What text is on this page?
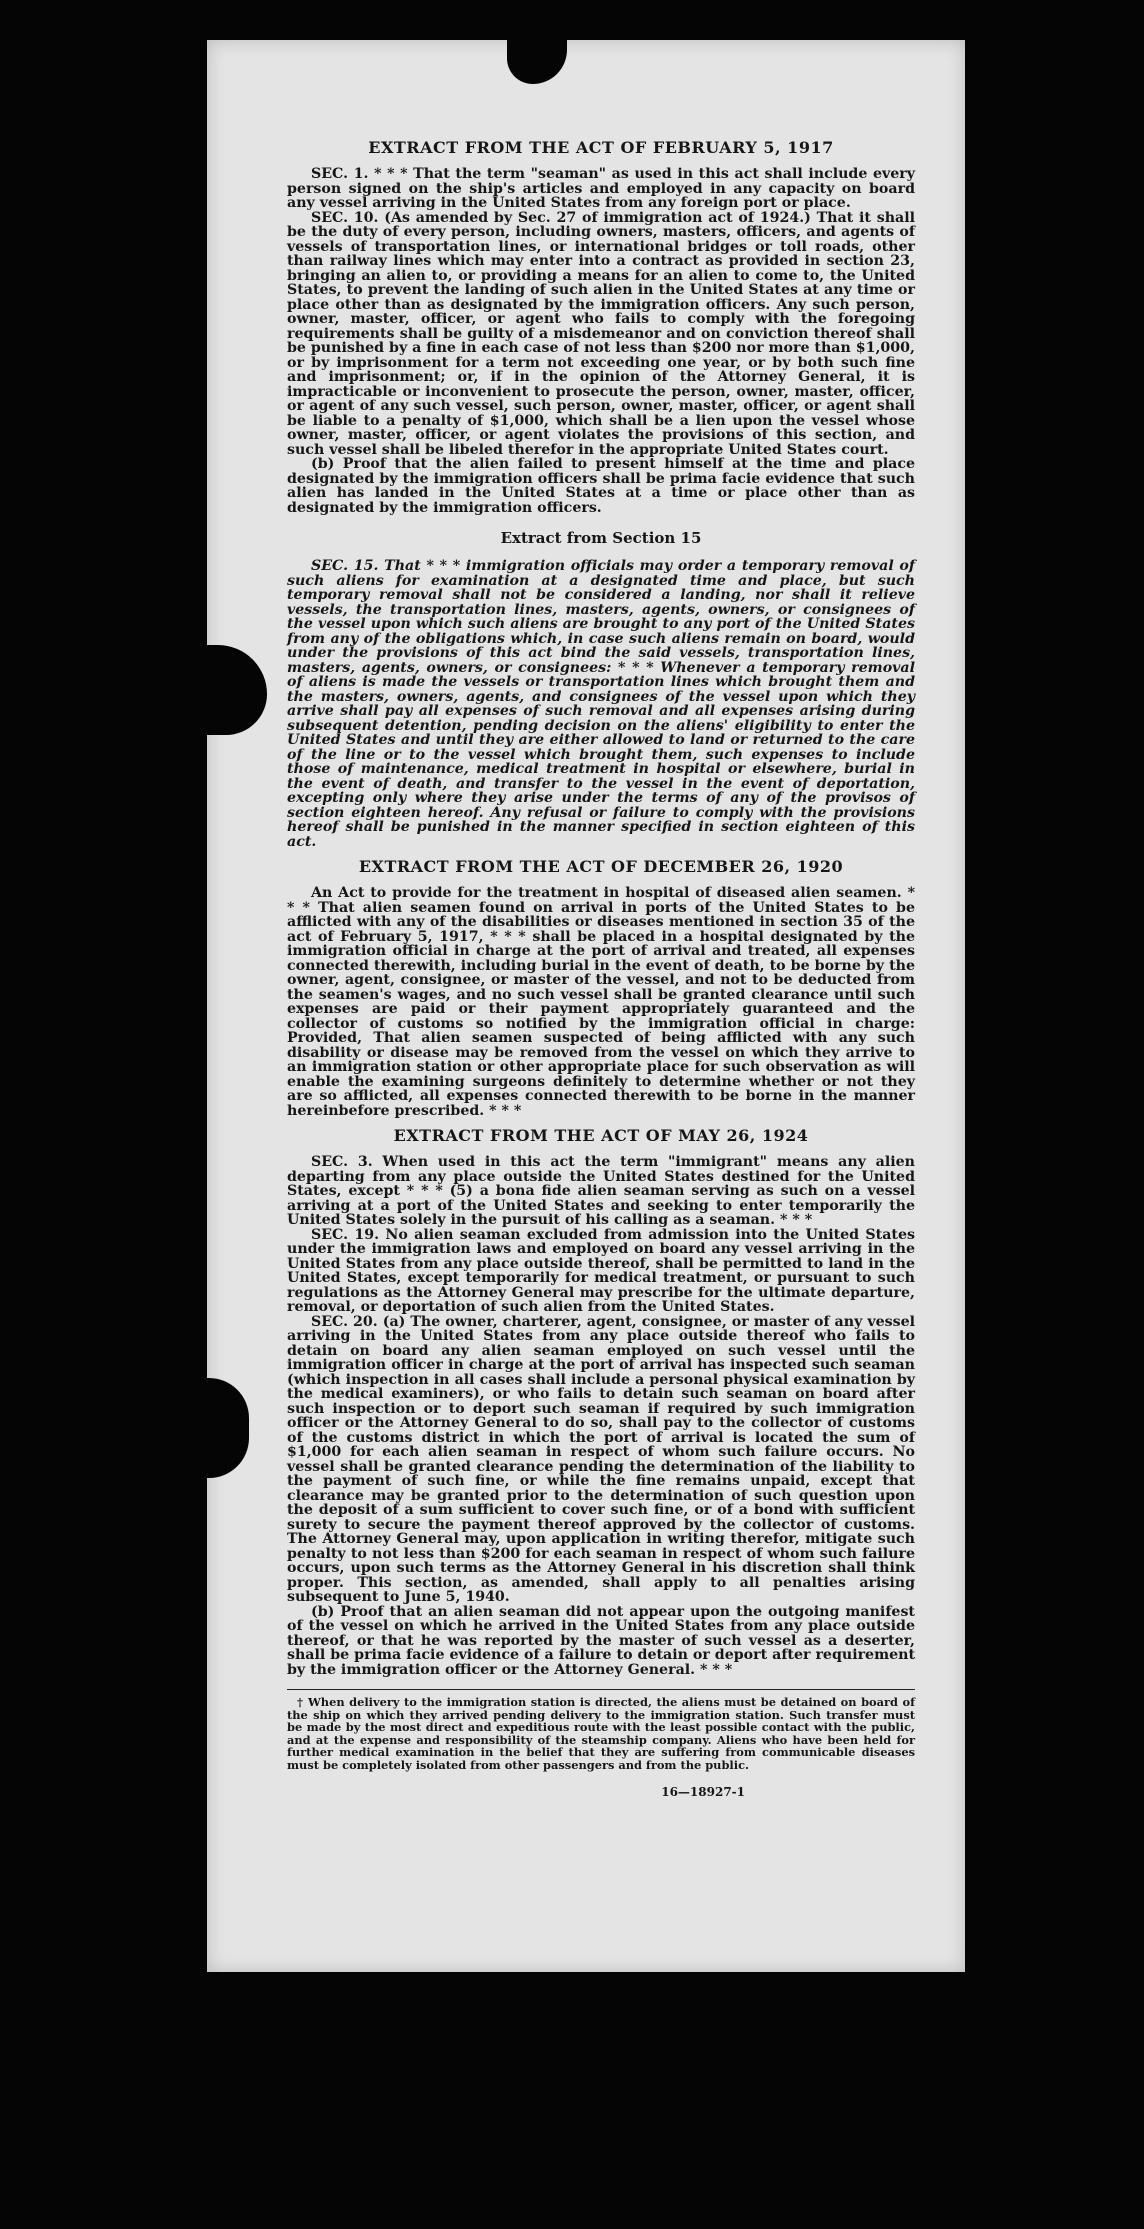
EXTRACT FROM THE ACT OF FEBRUARY 5, 1917

SEC. 1. * * * That the term "seaman" as used in this act shall include every person signed on the ship's articles and employed in any capacity on board any vessel arriving in the United States from any foreign port or place.

SEC. 10. (As amended by Sec. 27 of immigration act of 1924.) That it shall be the duty of every person, including owners, masters, officers, and agents of vessels of transportation lines, or international bridges or toll roads, other than railway lines which may enter into a contract as provided in section 23, bringing an alien to, or providing a means for an alien to come to, the United States, to prevent the landing of such alien in the United States at any time or place other than as designated by the immigration officers. Any such person, owner, master, officer, or agent who fails to comply with the foregoing requirements shall be guilty of a misdemeanor and on conviction thereof shall be punished by a fine in each case of not less than $200 nor more than $1,000, or by imprisonment for a term not exceeding one year, or by both such fine and imprisonment; or, if in the opinion of the Attorney General, it is impracticable or inconvenient to prosecute the person, owner, master, officer, or agent of any such vessel, such person, owner, master, officer, or agent shall be liable to a penalty of $1,000, which shall be a lien upon the vessel whose owner, master, officer, or agent violates the provisions of this section, and such vessel shall be libeled therefor in the appropriate United States court.

(b) Proof that the alien failed to present himself at the time and place designated by the immigration officers shall be prima facie evidence that such alien has landed in the United States at a time or place other than as designated by the immigration officers.

Extract from Section 15

SEC. 15. That * * * immigration officials may order a temporary removal of such aliens for examination at a designated time and place, but such temporary removal shall not be considered a landing, nor shall it relieve vessels, the transportation lines, masters, agents, owners, or consignees of the vessel upon which such aliens are brought to any port of the United States from any of the obligations which, in case such aliens remain on board, would under the provisions of this act bind the said vessels, transportation lines, masters, agents, owners, or consignees: * * * Whenever a temporary removal of aliens is made the vessels or transportation lines which brought them and the masters, owners, agents, and consignees of the vessel upon which they arrive shall pay all expenses of such removal and all expenses arising during subsequent detention, pending decision on the aliens' eligibility to enter the United States and until they are either allowed to land or returned to the care of the line or to the vessel which brought them, such expenses to include those of maintenance, medical treatment in hospital or elsewhere, burial in the event of death, and transfer to the vessel in the event of deportation, excepting only where they arise under the terms of any of the provisos of section eighteen hereof. Any refusal or failure to comply with the provisions hereof shall be punished in the manner specified in section eighteen of this act.

EXTRACT FROM THE ACT OF DECEMBER 26, 1920

An Act to provide for the treatment in hospital of diseased alien seamen. * * * That alien seamen found on arrival in ports of the United States to be afflicted with any of the disabilities or diseases mentioned in section 35 of the act of February 5, 1917, * * * shall be placed in a hospital designated by the immigration official in charge at the port of arrival and treated, all expenses connected therewith, including burial in the event of death, to be borne by the owner, agent, consignee, or master of the vessel, and not to be deducted from the seamen's wages, and no such vessel shall be granted clearance until such expenses are paid or their payment appropriately guaranteed and the collector of customs so notified by the immigration official in charge: Provided, That alien seamen suspected of being afflicted with any such disability or disease may be removed from the vessel on which they arrive to an immigration station or other appropriate place for such observation as will enable the examining surgeons definitely to determine whether or not they are so afflicted, all expenses connected therewith to be borne in the manner hereinbefore prescribed. * * *

EXTRACT FROM THE ACT OF MAY 26, 1924

SEC. 3. When used in this act the term "immigrant" means any alien departing from any place outside the United States destined for the United States, except * * * (5) a bona fide alien seaman serving as such on a vessel arriving at a port of the United States and seeking to enter temporarily the United States solely in the pursuit of his calling as a seaman. * * *

SEC. 19. No alien seaman excluded from admission into the United States under the immigration laws and employed on board any vessel arriving in the United States from any place outside thereof, shall be permitted to land in the United States, except temporarily for medical treatment, or pursuant to such regulations as the Attorney General may prescribe for the ultimate departure, removal, or deportation of such alien from the United States.

SEC. 20. (a) The owner, charterer, agent, consignee, or master of any vessel arriving in the United States from any place outside thereof who fails to detain on board any alien seaman employed on such vessel until the immigration officer in charge at the port of arrival has inspected such seaman (which inspection in all cases shall include a personal physical examination by the medical examiners), or who fails to detain such seaman on board after such inspection or to deport such seaman if required by such immigration officer or the Attorney General to do so, shall pay to the collector of customs of the customs district in which the port of arrival is located the sum of $1,000 for each alien seaman in respect of whom such failure occurs. No vessel shall be granted clearance pending the determination of the liability to the payment of such fine, or while the fine remains unpaid, except that clearance may be granted prior to the determination of such question upon the deposit of a sum sufficient to cover such fine, or of a bond with sufficient surety to secure the payment thereof approved by the collector of customs. The Attorney General may, upon application in writing therefor, mitigate such penalty to not less than $200 for each seaman in respect of whom such failure occurs, upon such terms as the Attorney General in his discretion shall think proper. This section, as amended, shall apply to all penalties arising subsequent to June 5, 1940.

(b) Proof that an alien seaman did not appear upon the outgoing manifest of the vessel on which he arrived in the United States from any place outside thereof, or that he was reported by the master of such vessel as a deserter, shall be prima facie evidence of a failure to detain or deport after requirement by the immigration officer or the Attorney General. * * *

† When delivery to the immigration station is directed, the aliens must be detained on board of the ship on which they arrived pending delivery to the immigration station. Such transfer must be made by the most direct and expeditious route with the least possible contact with the public, and at the expense and responsibility of the steamship company. Aliens who have been held for further medical examination in the belief that they are suffering from communicable diseases must be completely isolated from other passengers and from the public.

16—18927-1
